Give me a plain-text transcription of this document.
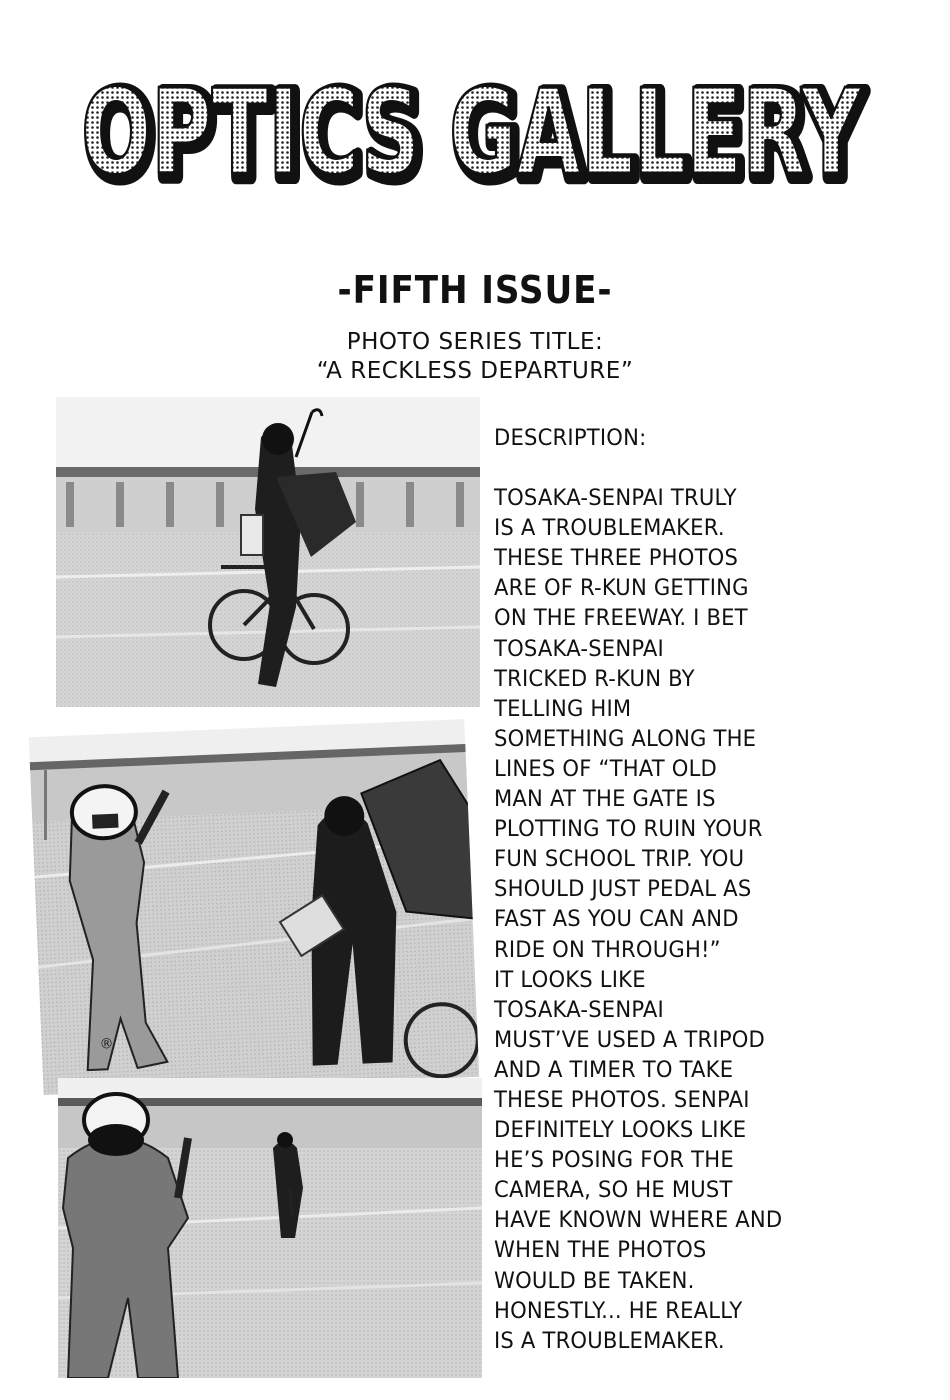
OPTICS GALLERY
OPTICS GALLERY
-FIFTH ISSUE-
PHOTO SERIES TITLE:
“A RECKLESS DEPARTURE”
®
DESCRIPTION:
TOSAKA-SENPAI TRULY
IS A TROUBLEMAKER.
THESE THREE PHOTOS
ARE OF R-KUN GETTING
ON THE FREEWAY. I BET
TOSAKA-SENPAI
TRICKED R-KUN BY
TELLING HIM
SOMETHING ALONG THE
LINES OF “THAT OLD
MAN AT THE GATE IS
PLOTTING TO RUIN YOUR
FUN SCHOOL TRIP. YOU
SHOULD JUST PEDAL AS
FAST AS YOU CAN AND
RIDE ON THROUGH!”
IT LOOKS LIKE
TOSAKA-SENPAI
MUST’VE USED A TRIPOD
AND A TIMER TO TAKE
THESE PHOTOS. SENPAI
DEFINITELY LOOKS LIKE
HE’S POSING FOR THE
CAMERA, SO HE MUST
HAVE KNOWN WHERE AND
WHEN THE PHOTOS
WOULD BE TAKEN.
HONESTLY... HE REALLY
IS A TROUBLEMAKER.
